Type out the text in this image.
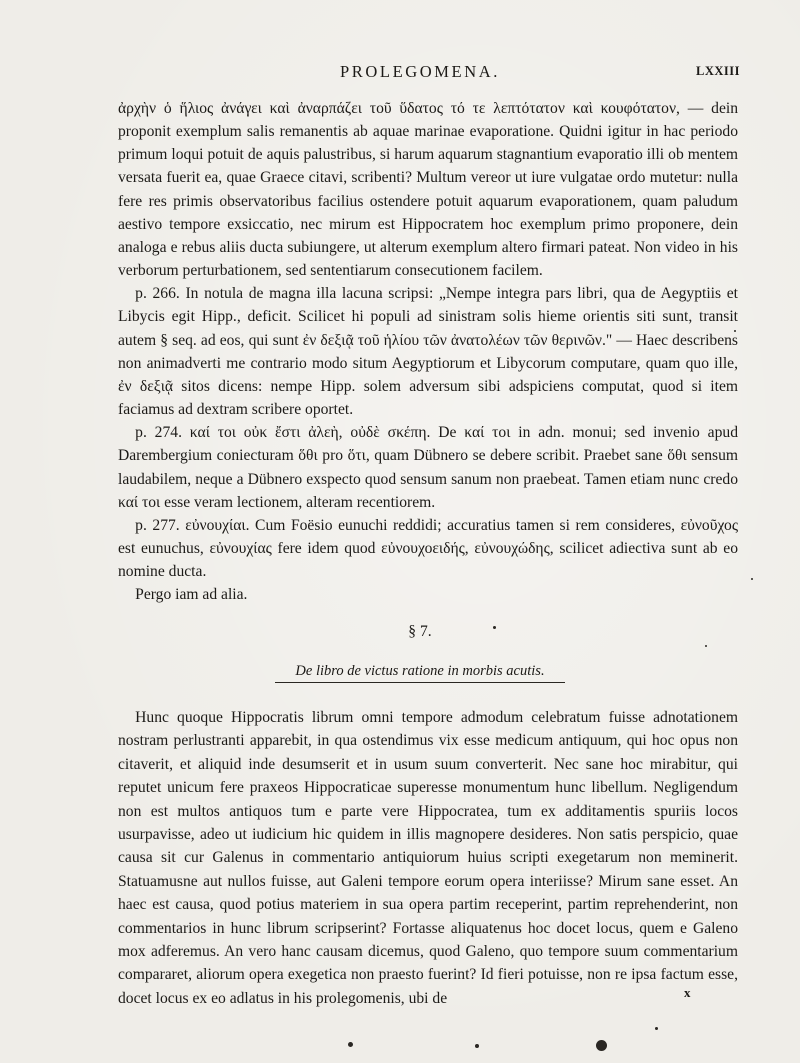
PROLEGOMENA.	LXXIII

ἀρχὴν ὁ ἥλιος ἀνάγει καὶ ἀναρπάζει τοῦ ὕδατος τό τε λεπτότατον καὶ κουφότατον, — dein proponit exemplum salis remanentis ab aquae marinae evaporatione. Quidni igitur in hac periodo primum loqui potuit de aquis palustribus, si harum aquarum stagnantium evaporatio illi ob mentem versata fuerit ea, quae Graece citavi, scribenti? Multum vereor ut iure vulgatae ordo mutetur: nulla fere res primis observatoribus facilius ostendere potuit aquarum evaporationem, quam paludum aestivo tempore exsiccatio, nec mirum est Hippocratem hoc exemplum primo proponere, dein analoga e rebus aliis ducta subiungere, ut alterum exemplum altero firmari pateat. Non video in his verborum perturbationem, sed sententiarum consecutionem facilem.

p. 266. In notula de magna illa lacuna scripsi: „Nempe integra pars libri, qua de Aegyptiis et Libycis egit Hipp., deficit. Scilicet hi populi ad sinistram solis hieme orientis siti sunt, transit autem § seq. ad eos, qui sunt ἐν δεξιᾷ τοῦ ἡλίου τῶν ἀνατολέων τῶν θερινῶν." — Haec describens non animadverti me contrario modo situm Aegyptiorum et Libycorum computare, quam quo ille, ἐν δεξιᾷ sitos dicens: nempe Hipp. solem adversum sibi adspiciens computat, quod si item faciamus ad dextram scribere oportet.

p. 274. καί τοι οὐκ ἔστι ἀλεὴ, οὐδὲ σκέπη. De καί τοι in adn. monui; sed invenio apud Darembergium coniecturam ὅθι pro ὅτι, quam Dübnero se debere scribit. Praebet sane ὅθι sensum laudabilem, neque a Dübnero exspecto quod sensum sanum non praebeat. Tamen etiam nunc credo καί τοι esse veram lectionem, alteram recentiorem.

p. 277. εὐνουχίαι. Cum Foësio eunuchi reddidi; accuratius tamen si rem consideres, εὐνοῦχος est eunuchus, εὐνουχίας fere idem quod εὐνουχοειδής, εὐνουχώδης, scilicet adiectiva sunt ab eo nomine ducta.

Pergo iam ad alia.

§ 7.
De libro de victus ratione in morbis acutis.

Hunc quoque Hippocratis librum omni tempore admodum celebratum fuisse adnotationem nostram perlustranti apparebit, in qua ostendimus vix esse medicum antiquum, qui hoc opus non citaverit, et aliquid inde desumserit et in usum suum converterit. Nec sane hoc mirabitur, qui reputet unicum fere praxeos Hippocraticae superesse monumentum hunc libellum. Negligendum non est multos antiquos tum e parte vere Hippocratea, tum ex additamentis spuriis locos usurpavisse, adeo ut iudicium hic quidem in illis magnopere desideres. Non satis perspicio, quae causa sit cur Galenus in commentario antiquiorum huius scripti exegetarum non meminerit. Statuamusne aut nullos fuisse, aut Galeni tempore eorum opera interiisse? Mirum sane esset. An haec est causa, quod potius materiem in sua opera partim receperint, partim reprehenderint, non commentarios in hunc librum scripserint? Fortasse aliquatenus hoc docet locus, quem e Galeno mox adferemus. An vero hanc causam dicemus, quod Galeno, quo tempore suum commentarium compararet, aliorum opera exegetica non praesto fuerint? Id fieri potuisse, non re ipsa factum esse, docet locus ex eo adlatus in his prolegomenis, ubi de	x
